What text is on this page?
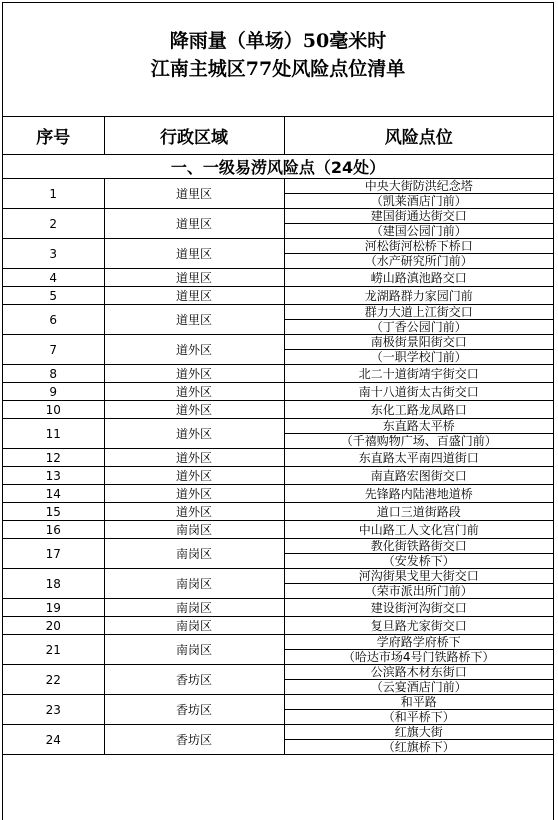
降雨量（单场）50毫米时
江南主城区77处风险点位清单
序号	行政区域	风险点位
一、一级易涝风险点（24处）		
1	道里区	中央大街防洪纪念塔
（凯莱酒店门前）

2	道里区	建国街通达街交口
（建国公园门前）

3	道里区	河松街河松桥下桥口
（水产研究所门前）

4	道里区	崂山路滇池路交口

5	道里区	龙湖路群力家园门前

6	道里区	群力大道上江街交口
（丁香公园门前）

7	道外区	南极街景阳街交口
（一职学校门前）

8	道外区	北二十道街靖宇街交口

9	道外区	南十八道街太古街交口

10	道外区	东化工路龙凤路口

11	道外区	东直路太平桥
（千禧购物广场、百盛门前）

12	道外区	东直路太平南四道街口

13	道外区	南直路宏图街交口

14	道外区	先锋路内陆港地道桥

15	道外区	道口三道街路段

16	南岗区	中山路工人文化宫门前

17	南岗区	教化街铁路街交口
（安发桥下）

18	南岗区	河沟街果戈里大街交口
（荣市派出所门前）

19	南岗区	建设街河沟街交口

20	南岗区	复旦路尤家街交口

21	南岗区	学府路学府桥下
（哈达市场4号门铁路桥下）

22	香坊区	公滨路木材东街口
（云宴酒店门前）

23	香坊区	和平路
（和平桥下）

24	香坊区	红旗大街
（红旗桥下）
